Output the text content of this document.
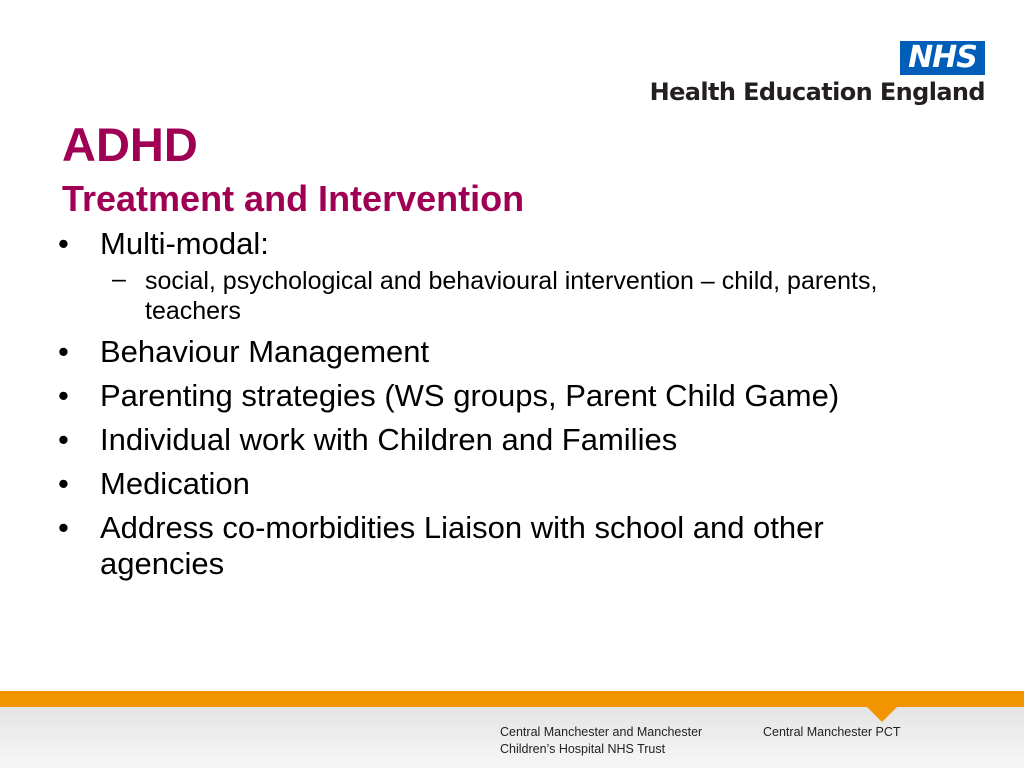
NHS
Health Education England
ADHD
Treatment and Intervention
• Multi-modal:
– social, psychological and behavioural intervention – child, parents, teachers
• Behaviour Management
• Parenting strategies (WS groups, Parent Child Game)
• Individual work with Children and Families
• Medication
• Address co-morbidities Liaison with school and other agencies
Central Manchester and Manchester Children’s Hospital NHS Trust
Central Manchester PCT
